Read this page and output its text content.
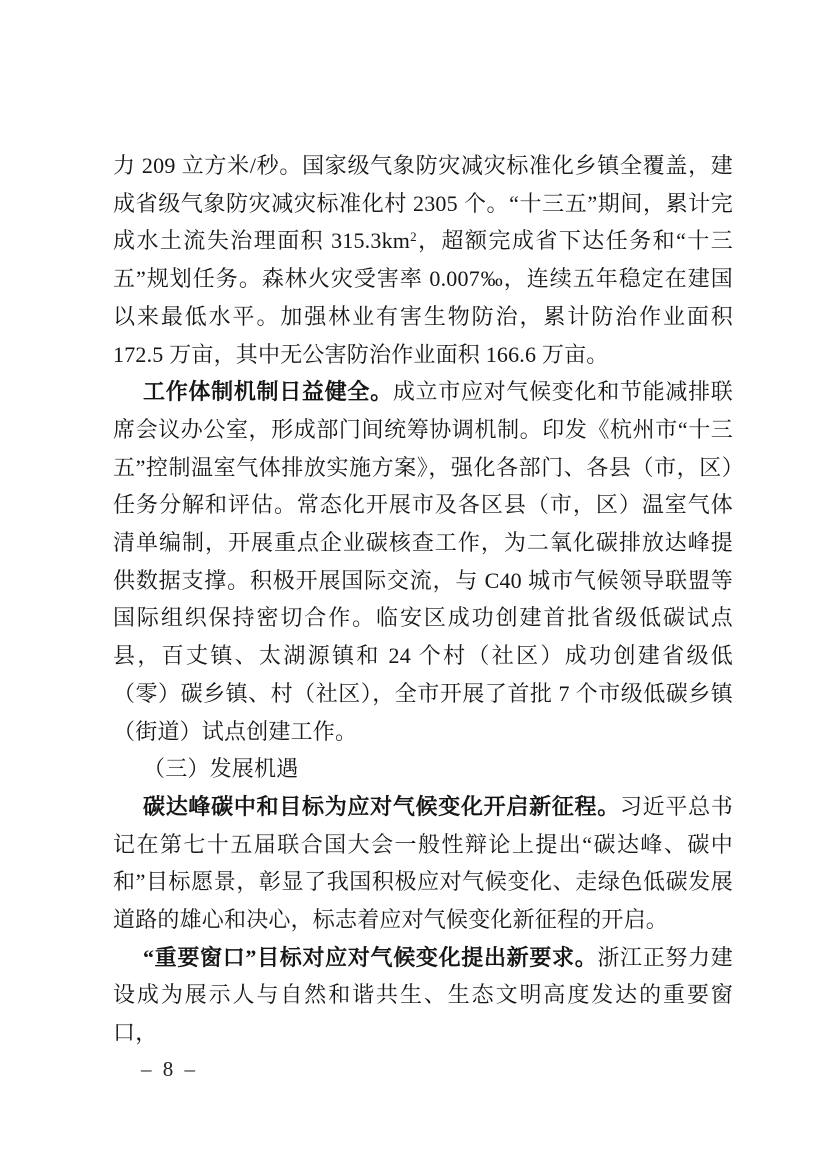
力 209 立方米/秒。国家级气象防灾减灾标准化乡镇全覆盖，建成省级气象防灾减灾标准化村 2305 个。“十三五”期间，累计完成水土流失治理面积 $315.3km^2$，超额完成省下达任务和“十三五”规划任务。森林火灾受害率 0.007‰，连续五年稳定在建国以来最低水平。加强林业有害生物防治，累计防治作业面积 172.5 万亩，其中无公害防治作业面积 166.6 万亩。

工作体制机制日益健全。成立市应对气候变化和节能减排联席会议办公室，形成部门间统筹协调机制。印发《杭州市“十三五”控制温室气体排放实施方案》，强化各部门、各县（市，区）任务分解和评估。常态化开展市及各区县（市，区）温室气体清单编制，开展重点企业碳核查工作，为二氧化碳排放达峰提供数据支撑。积极开展国际交流，与 C40 城市气候领导联盟等国际组织保持密切合作。临安区成功创建首批省级低碳试点县，百丈镇、太湖源镇和 24 个村（社区）成功创建省级低（零）碳乡镇、村（社区），全市开展了首批 7 个市级低碳乡镇（街道）试点创建工作。

（三）发展机遇

碳达峰碳中和目标为应对气候变化开启新征程。习近平总书记在第七十五届联合国大会一般性辩论上提出“碳达峰、碳中和”目标愿景，彰显了我国积极应对气候变化、走绿色低碳发展道路的雄心和决心，标志着应对气候变化新征程的开启。

“重要窗口”目标对应对气候变化提出新要求。浙江正努力建设成为展示人与自然和谐共生、生态文明高度发达的重要窗口，

– 8 –
